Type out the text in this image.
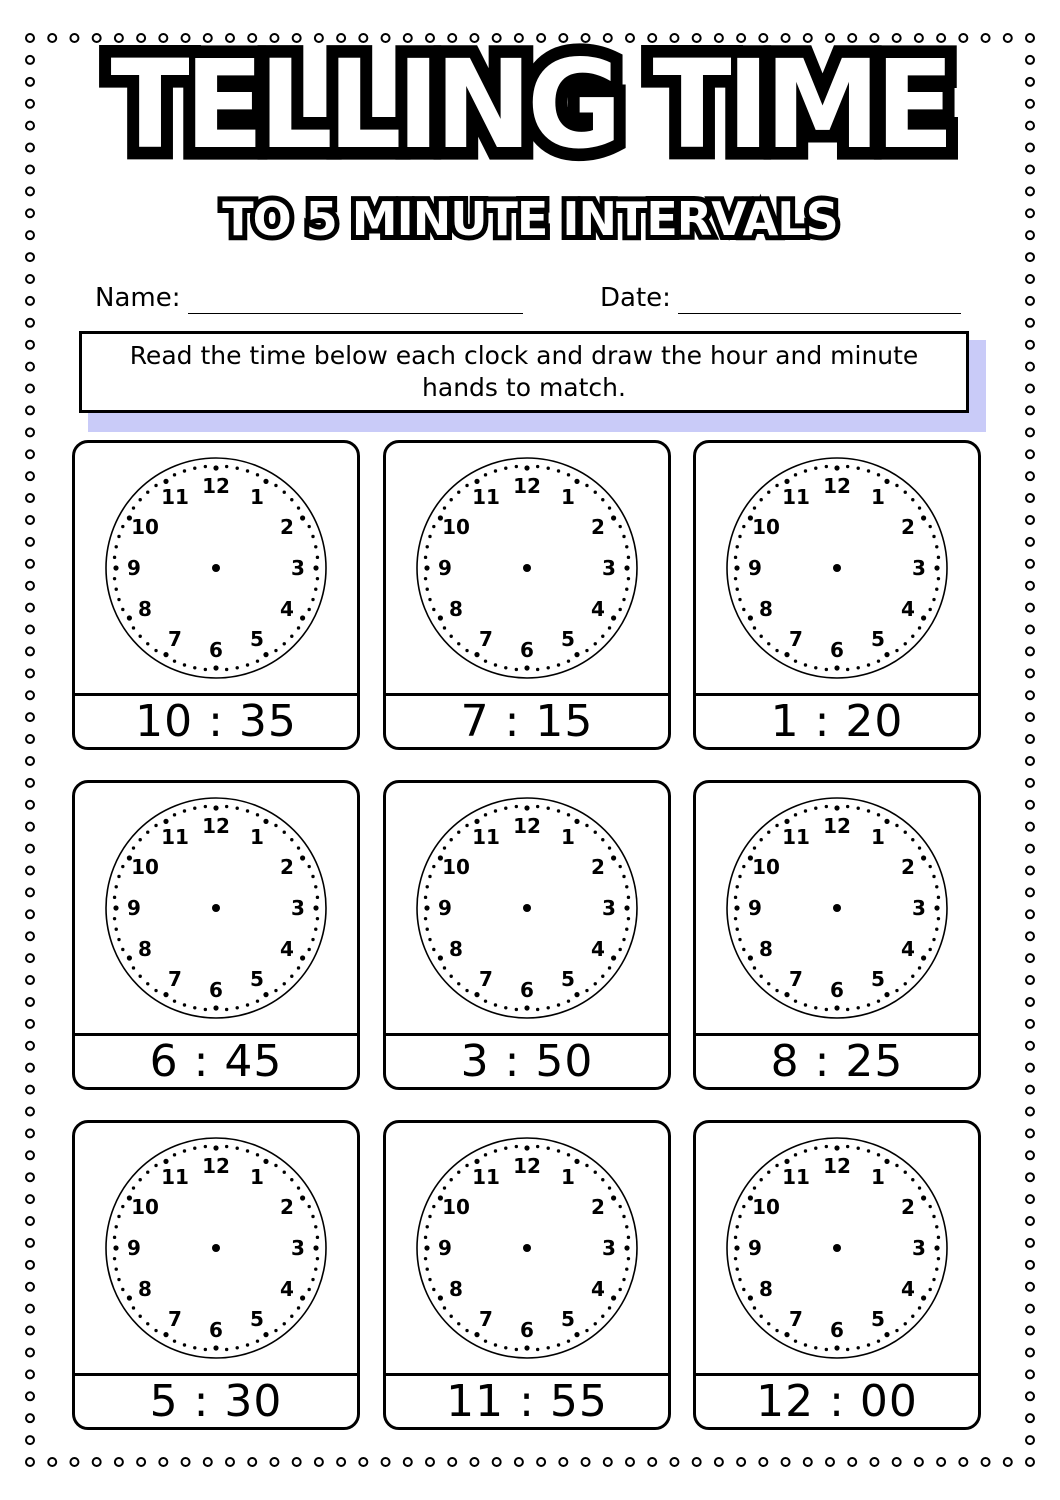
TELLING TIME
TO 5 MINUTE INTERVALS
Name:	Date:
Read the time below each clock and draw the hour and minute hands to match.
12 1
2
3
4
5
6
7
8
9
10
11
10 : 35
12 1
2
3
4
5
6
7
8
9
10
11
7 : 15
12 1
2
3
4
5
6
7
8
9
10
11
1 : 20
12 1
2
3
4
5
6
7
8
9
10
11
6 : 45
12 1
2
3
4
5
6
7
8
9
10
11
3 : 50
12 1
2
3
4
5
6
7
8
9
10
11
8 : 25
12 1
2
3
4
5
6
7
8
9
10
11
5 : 30
12 1
2
3
4
5
6
7
8
9
10
11
11 : 55
12 1
2
3
4
5
6
7
8
9
10
11
12 : 00
